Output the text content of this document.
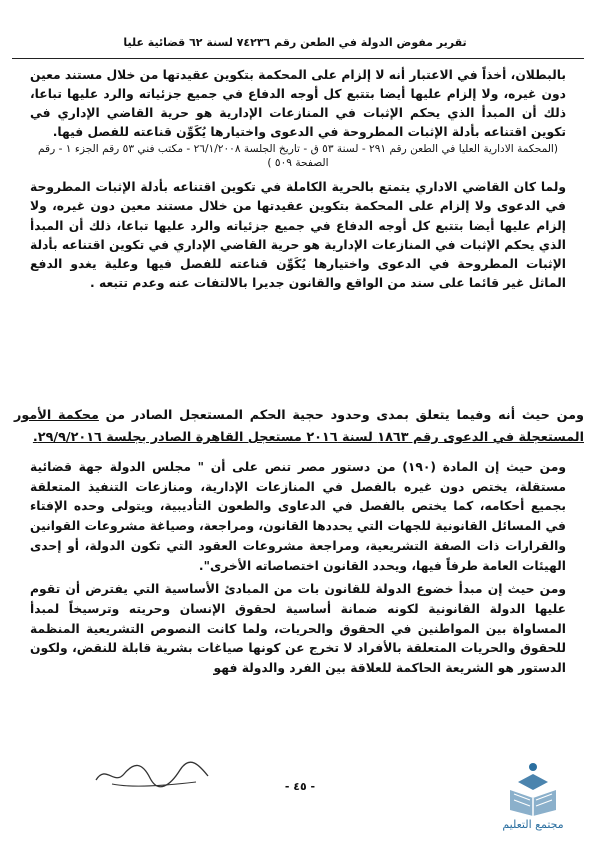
تقرير مفوض الدولة في الطعن رقم ٧٤٢٣٦ لسنة ٦٢ قضائية عليا

بالبطلان، أخذاً في الاعتبار أنه لا إلزام على المحكمة بتكوين عقيدتها من خلال مستند معين دون غيره، ولا إلزام عليها أيضا بتتبع كل أوجه الدفاع في جميع جزئياته والرد عليها تباعا، ذلك أن المبدأ الذي يحكم الإثبات في المنازعات الإدارية هو حرية القاضي الإداري في تكوين اقتناعه بأدلة الإثبات المطروحة في الدعوى واختيارها يُكَوِّن قناعته للفصل فيها.

(المحكمة الادارية العليا في الطعن رقم ٢٩١ - لسنة ٥٣ ق - تاريخ الجلسة ٢٦/١/٢٠٠٨ - مكتب فني ٥٣ رقم الجزء ١ - رقم الصفحة ٥٠٩ )

ولما كان القاضي الاداري يتمتع بالحرية الكاملة في تكوين اقتناعه بأدلة الإثبات المطروحة في الدعوى ولا إلزام على المحكمة بتكوين عقيدتها من خلال مستند معين دون غيره، ولا إلزام عليها أيضا بتتبع كل أوجه الدفاع في جميع جزئياته والرد عليها تباعا، ذلك أن المبدأ الذي يحكم الإثبات في المنازعات الإدارية هو حرية القاضي الإداري في تكوين اقتناعه بأدلة الإثبات المطروحة في الدعوى واختيارها يُكَوِّن قناعته للفصل فيها وعلية يغدو الدفع الماثل غير قائما على سند من الواقع والقانون جديرا بالالتفات عنه وعدم تتبعه .

ومن حيث أنه وفيما يتعلق بمدى وحدود حجية الحكم المستعجل الصادر من محكمة الأمور المستعجلة في الدعوى رقم ١٨٦٣ لسنة ٢٠١٦ مستعجل القاهرة الصادر بجلسة ٢٩/٩/٢٠١٦.

ومن حيث إن المادة (١٩٠) من دستور مصر تنص على أن " مجلس الدولة جهة قضائية مستقلة، يختص دون غيره بالفصل في المنازعات الإدارية، ومنازعات التنفيذ المتعلقة بجميع أحكامه، كما يختص بالفصل في الدعاوى والطعون التأديبية، ويتولى وحده الإفتاء في المسائل القانونية للجهات التي يحددها القانون، ومراجعة، وصياغة مشروعات القوانين والقرارات ذات الصفة التشريعية، ومراجعة مشروعات العقود التي تكون الدولة، أو إحدى الهيئات العامة طرفاً فيها، ويحدد القانون اختصاصاته الأخرى".

ومن حيث إن مبدأ خضوع الدولة للقانون بات من المبادئ الأساسية التي يفترض أن تقوم عليها الدولة القانونية لكونه ضمانة أساسية لحقوق الإنسان وحريته وترسيخاً لمبدأ المساواة بين المواطنين في الحقوق والحريات، ولما كانت النصوص التشريعية المنظمة للحقوق والحريات المتعلقة بالأفراد لا تخرج عن كونها صياغات بشرية قابلة للنقض، ولكون الدستور هو الشريعة الحاكمة للعلاقة بين الفرد والدولة فهو

- ٤٥ -
مجتمع التعليم
